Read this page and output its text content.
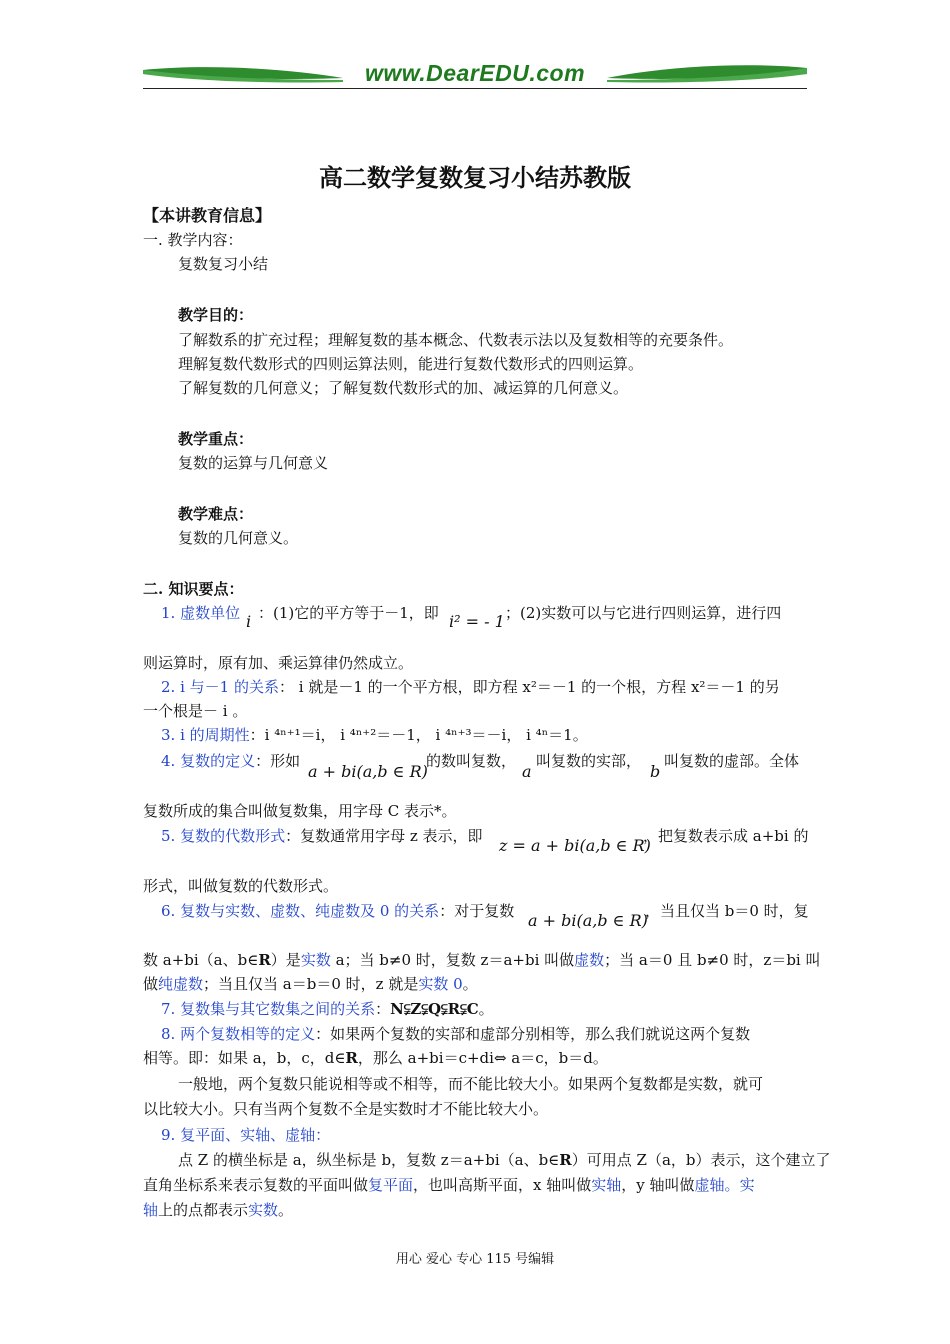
www.DearEDU.com
高二数学复数复习小结苏教版
【本讲教育信息】
一. 教学内容：
复数复习小结
教学目的：
了解数系的扩充过程；理解复数的基本概念、代数表示法以及复数相等的充要条件。
理解复数代数形式的四则运算法则，能进行复数代数形式的四则运算。
了解复数的几何意义；了解复数代数形式的加、减运算的几何意义。
教学重点：
复数的运算与几何意义
教学难点：
复数的几何意义。
二. 知识要点：
1. 虚数单位 i ：(1)它的平方等于－1，即 i² = - 1 ；(2)实数可以与它进行四则运算，进行四
则运算时，原有加、乘运算律仍然成立。
2. i 与－1 的关系： i 就是－1 的一个平方根，即方程 x²＝－1 的一个根，方程 x²＝－1 的另
一个根是－ i 。
3. i 的周期性：i ⁴ⁿ⁺¹＝i， i ⁴ⁿ⁺²＝－1， i ⁴ⁿ⁺³＝－i， i ⁴ⁿ＝1。
4. 复数的定义：形如
a + bi(a,b ∈ R)
的数叫复数，
a
叫复数的实部，
b
叫复数的虚部。全体
复数所成的集合叫做复数集，用字母 C 表示*。
5. 复数的代数形式：复数通常用字母 z 表示，即 z = a + bi(a,b ∈ R)
，把复数表示成 a+bi 的
形式，叫做复数的代数形式。
6. 复数与实数、虚数、纯虚数及 0 的关系：对于复数 a + bi(a,b ∈ R)
，当且仅当 b＝0 时，复
数 a+bi（a、b∈R）是实数 a；当 b≠0 时，复数 z＝a+bi 叫做虚数；当 a＝0 且 b≠0 时，z＝bi 叫
做纯虚数；当且仅当 a＝b＝0 时，z 就是实数 0。
7. 复数集与其它数集之间的关系：N⫋Z⫋Q⫋R⫋C。
8. 两个复数相等的定义：如果两个复数的实部和虚部分别相等，那么我们就说这两个复数
相等。即：如果 a，b，c，d∈R，那么 a+bi＝c+di⇔ a＝c，b＝d。
一般地，两个复数只能说相等或不相等，而不能比较大小。如果两个复数都是实数，就可
以比较大小。只有当两个复数不全是实数时才不能比较大小。
9. 复平面、实轴、虚轴：
点 Z 的横坐标是 a，纵坐标是 b，复数 z＝a+bi（a、b∈R）可用点 Z（a，b）表示，这个建立了
直角坐标系来表示复数的平面叫做复平面，也叫高斯平面，x 轴叫做实轴，y 轴叫做虚轴。实
轴上的点都表示实数。
用心 爱心 专心 115 号编辑
